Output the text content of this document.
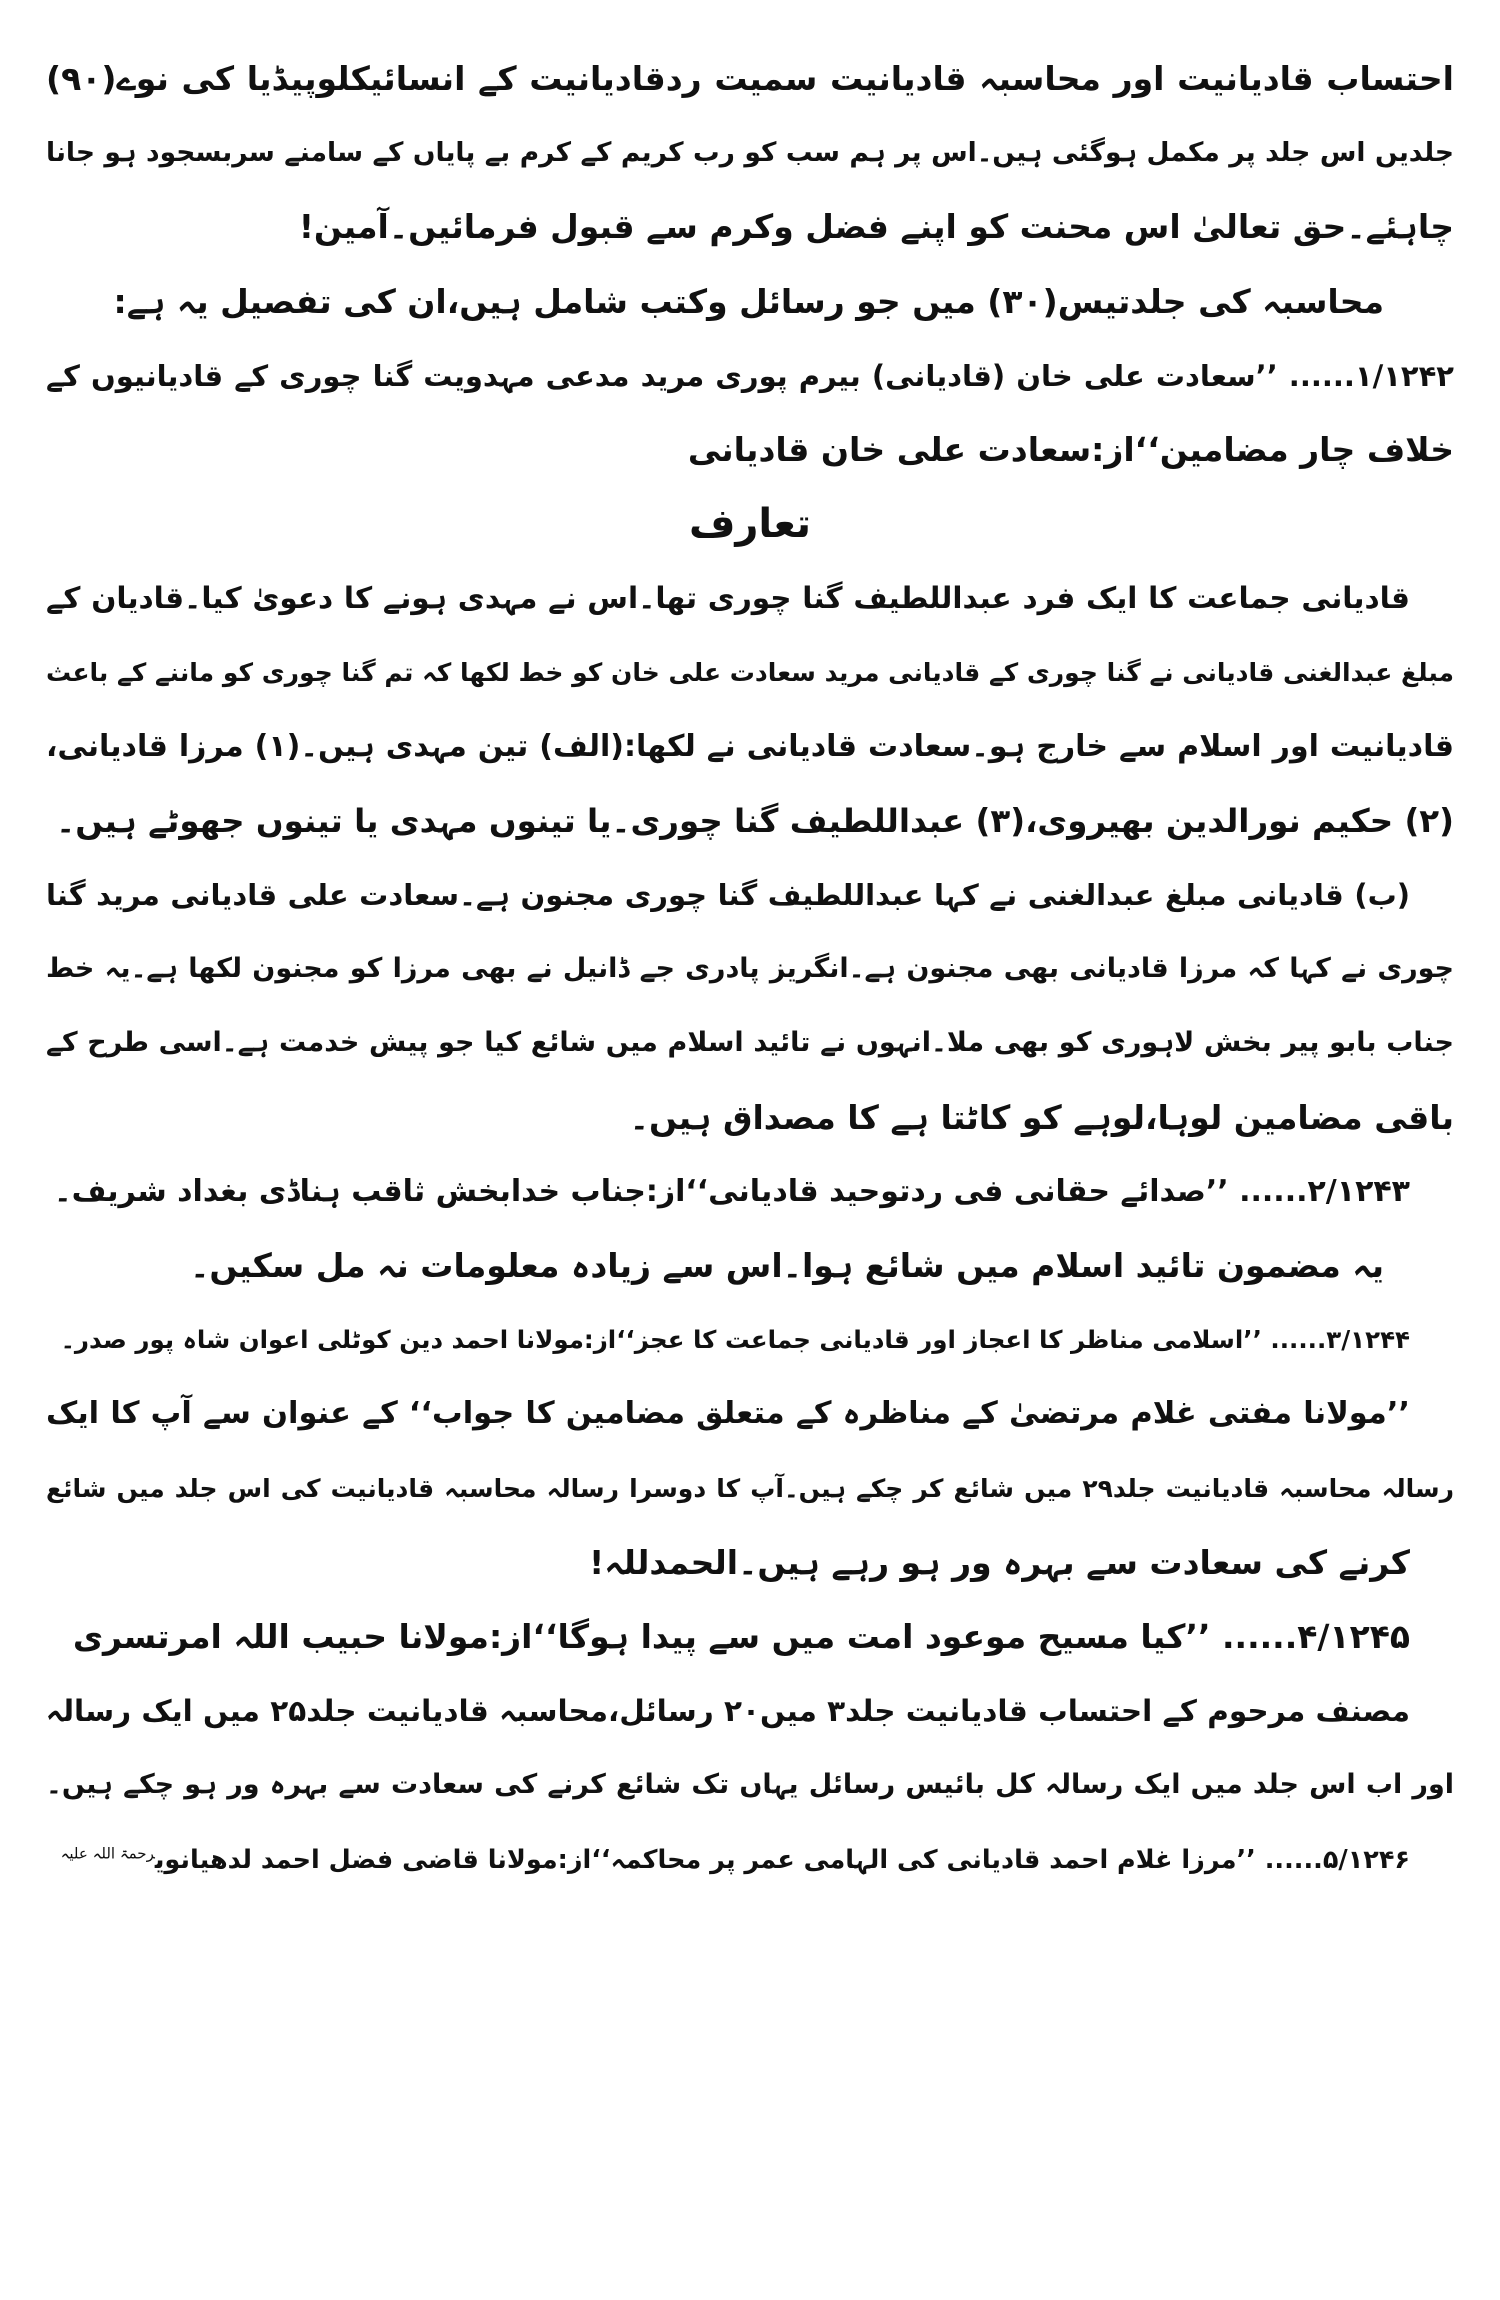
احتساب قادیانیت اور محاسبہ قادیانیت سمیت ردقادیانیت کے انسائیکلوپیڈیا کی نوے(۹۰)
جلدیں اس جلد پر مکمل ہوگئی ہیں۔اس پر ہم سب کو رب کریم کے کرم بے پایاں کے سامنے سربسجود ہو جانا
چاہئے۔حق تعالیٰ اس محنت کو اپنے فضل وکرم سے قبول فرمائیں۔آمین!
محاسبہ کی جلدتیس(۳۰) میں جو رسائل وکتب شامل ہیں،ان کی تفصیل یہ ہے:
۱/۱۲۴۲...... ’’سعادت علی خان (قادیانی) بیرم پوری مرید مدعی مہدویت گنا چوری کے قادیانیوں کے
خلاف چار مضامین‘‘از:سعادت علی خان قادیانی
تعارف
قادیانی جماعت کا ایک فرد عبداللطیف گنا چوری تھا۔اس نے مہدی ہونے کا دعویٰ کیا۔قادیان کے
مبلغ عبدالغنی قادیانی نے گنا چوری کے قادیانی مرید سعادت علی خان کو خط لکھا کہ تم گنا چوری کو ماننے کے باعث
قادیانیت اور اسلام سے خارج ہو۔سعادت قادیانی نے لکھا:(الف) تین مہدی ہیں۔(۱) مرزا قادیانی،
(۲) حکیم نورالدین بھیروی،(۳) عبداللطیف گنا چوری۔یا تینوں مہدی یا تینوں جھوٹے ہیں۔
(ب) قادیانی مبلغ عبدالغنی نے کہا عبداللطیف گنا چوری مجنون ہے۔سعادت علی قادیانی مرید گنا
چوری نے کہا کہ مرزا قادیانی بھی مجنون ہے۔انگریز پادری جے ڈانیل نے بھی مرزا کو مجنون لکھا ہے۔یہ خط
جناب بابو پیر بخش لاہوری کو بھی ملا۔انہوں نے تائید اسلام میں شائع کیا جو پیش خدمت ہے۔اسی طرح کے
باقی مضامین لوہا،لوہے کو کاٹتا ہے کا مصداق ہیں۔
۲/۱۲۴۳...... ’’صدائے حقانی فی ردتوحید قادیانی‘‘از:جناب خدابخش ثاقب ہناڈی بغداد شریف۔
یہ مضمون تائید اسلام میں شائع ہوا۔اس سے زیادہ معلومات نہ مل سکیں۔
۳/۱۲۴۴...... ’’اسلامی مناظر کا اعجاز اور قادیانی جماعت کا عجز‘‘از:مولانا احمد دین کوٹلی اعوان شاہ پور صدر۔
’’مولانا مفتی غلام مرتضیٰ کے مناظرہ کے متعلق مضامین کا جواب‘‘ کے عنوان سے آپ کا ایک
رسالہ محاسبہ قادیانیت جلد۲۹ میں شائع کر چکے ہیں۔آپ کا دوسرا رسالہ محاسبہ قادیانیت کی اس جلد میں شائع
کرنے کی سعادت سے بہرہ ور ہو رہے ہیں۔الحمدللہ!
۴/۱۲۴۵...... ’’کیا مسیح موعود امت میں سے پیدا ہوگا‘‘از:مولانا حبیب اللہ امرتسری
مصنف مرحوم کے احتساب قادیانیت جلد۳ میں۲۰ رسائل،محاسبہ قادیانیت جلد۲۵ میں ایک رسالہ
اور اب اس جلد میں ایک رسالہ کل بائیس رسائل یہاں تک شائع کرنے کی سعادت سے بہرہ ور ہو چکے ہیں۔
۵/۱۲۴۶...... ’’مرزا غلام احمد قادیانی کی الہامی عمر پر محاکمہ‘‘از:مولانا قاضی فضل احمد لدھیانوی$^{رحمۃ اللہ علیہ}$
